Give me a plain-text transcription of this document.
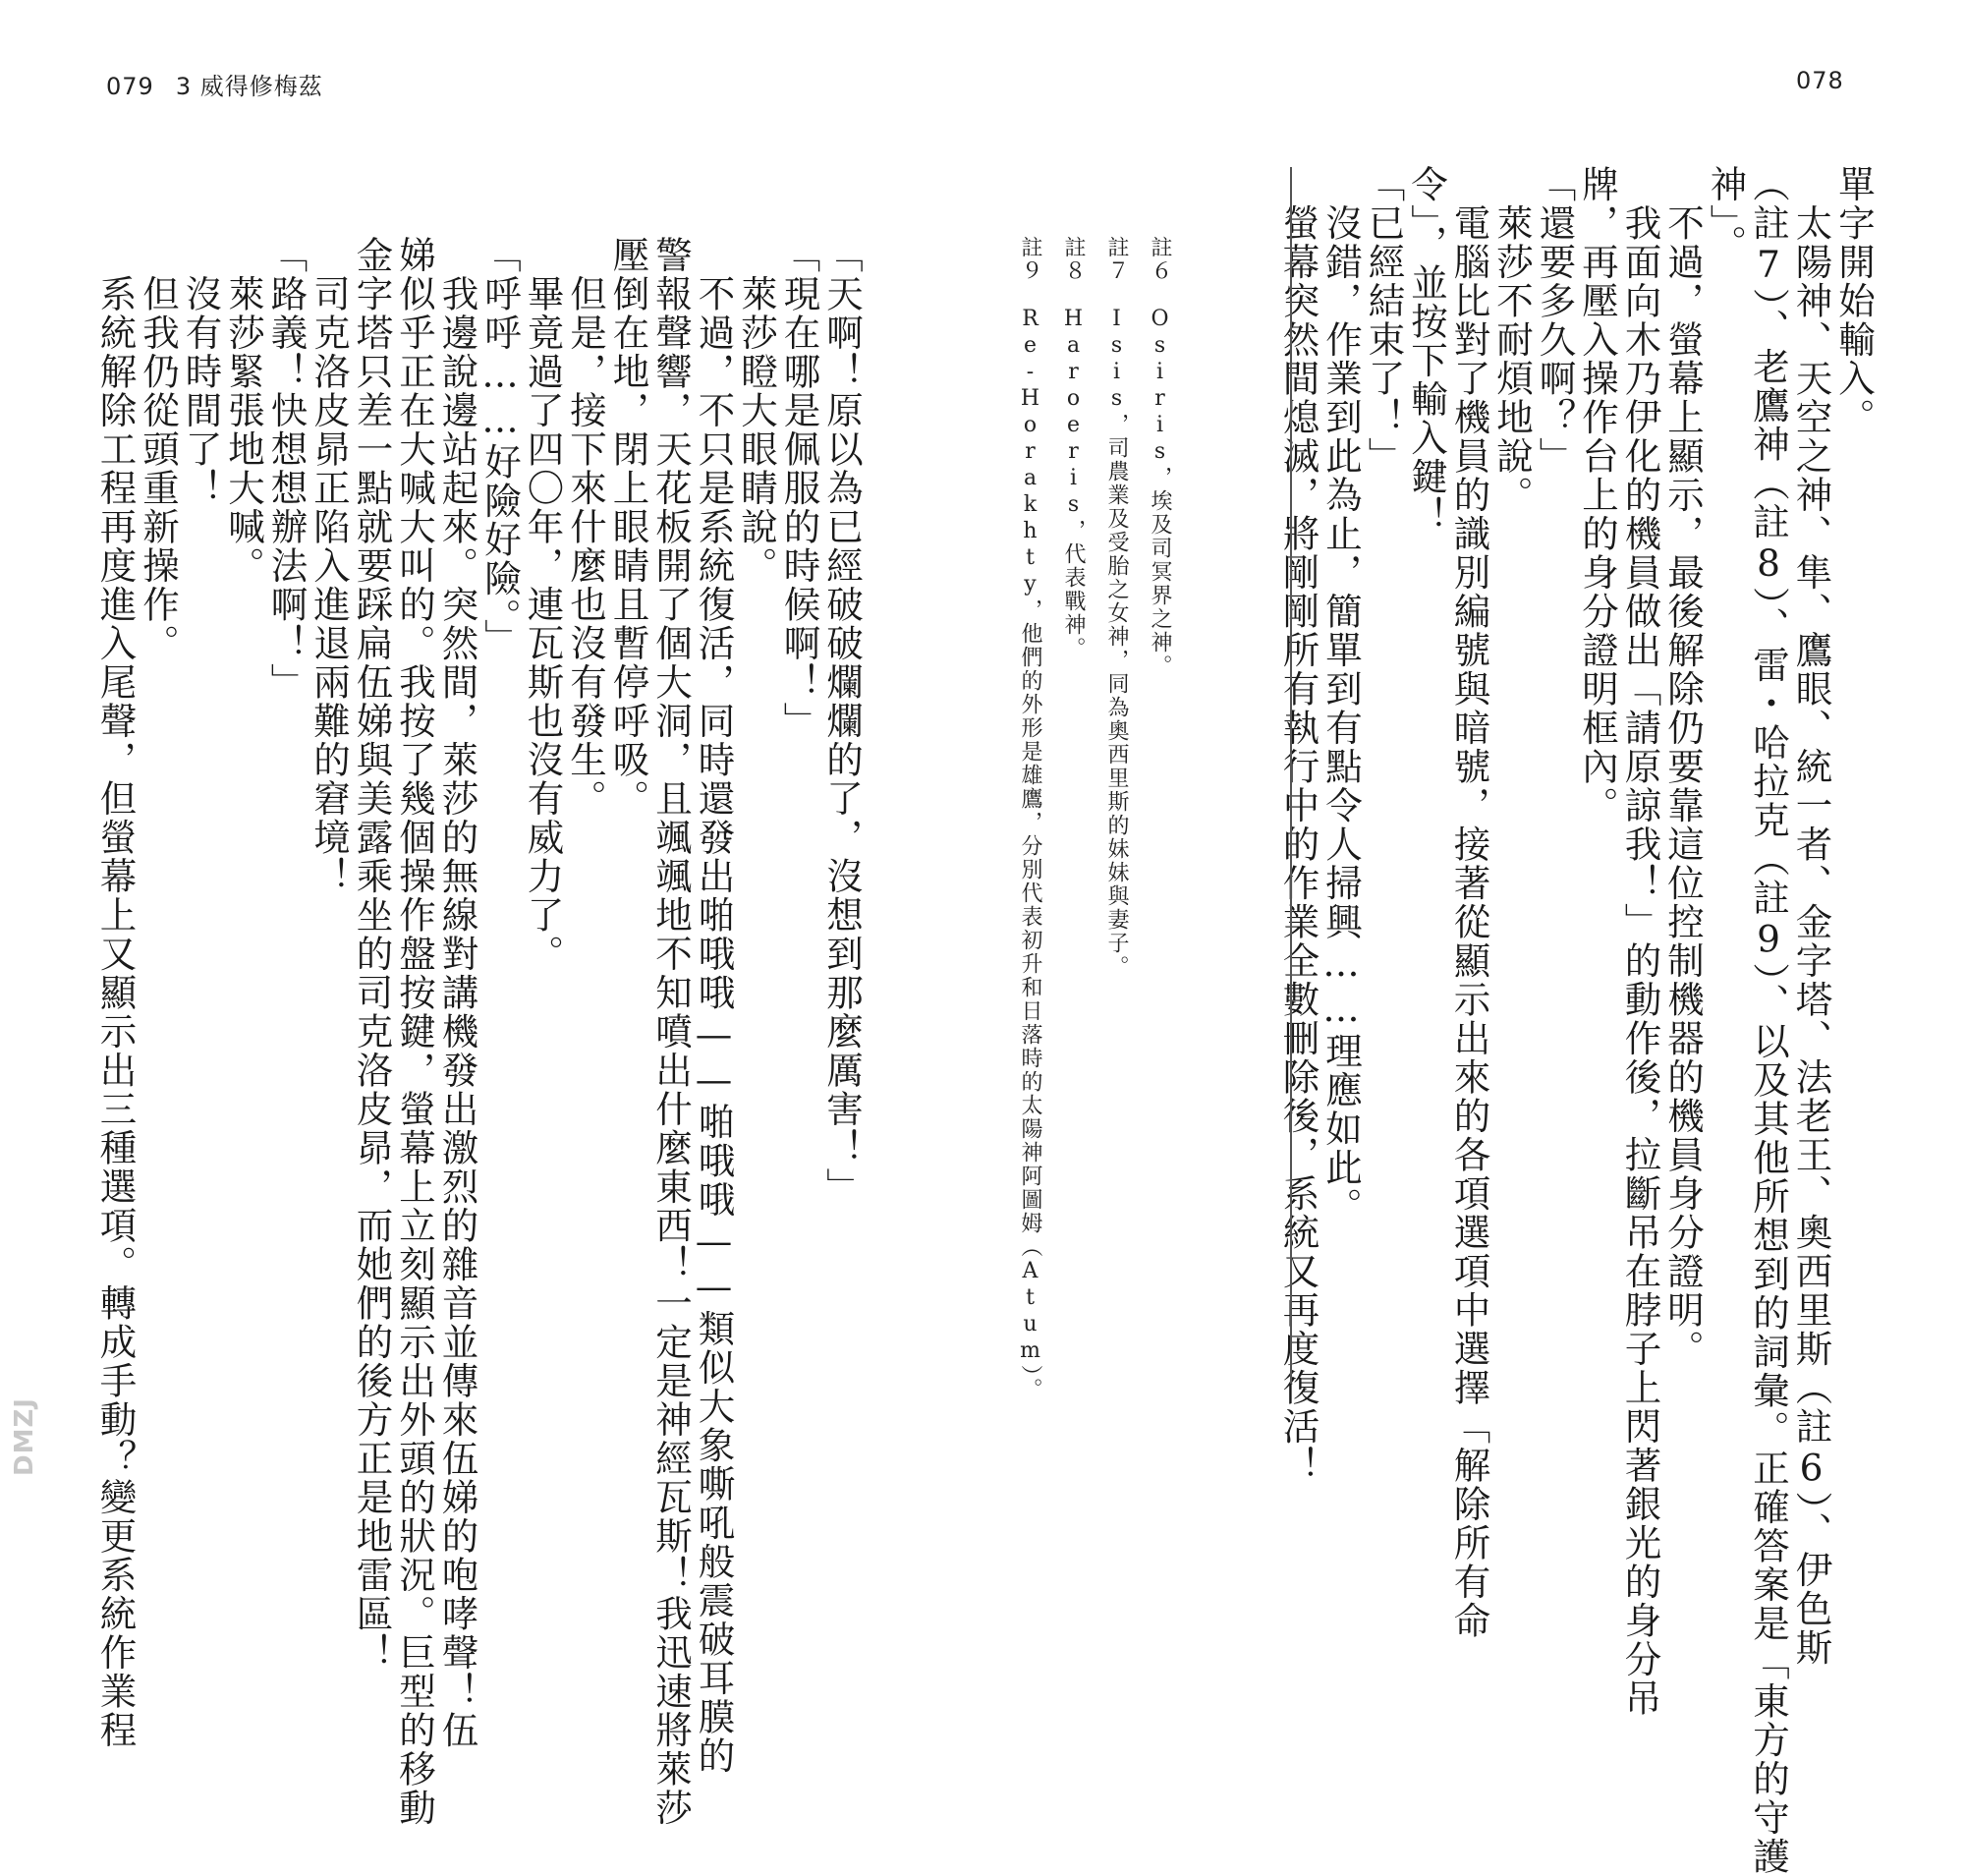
079 3 威得修梅茲	078
單字開始輸入。
　太陽神、天空之神、隼、鷹眼、統一者、金字塔、法老王、奧西里斯（註6）、伊色斯
（註7）、老鷹神（註8）、雷・哈拉克（註9）、以及其他所想到的詞彙。正確答案是「東方的守護
神」。
　不過，螢幕上顯示，最後解除仍要靠這位控制機器的機員身分證明。
　我面向木乃伊化的機員做出「請原諒我！」的動作後，拉斷吊在脖子上閃著銀光的身分吊
牌，再壓入操作台上的身分證明框內。
「還要多久啊？」
　萊莎不耐煩地說。
　電腦比對了機員的識別編號與暗號，接著從顯示出來的各項選項中選擇「解除所有命
令」，並按下輸入鍵！
「已經結束了！」
　沒錯，作業到此為止，簡單到有點令人掃興……理應如此。
　螢幕突然間熄滅，將剛剛所有執行中的作業全數刪除後，系統又再度復活！
註６　Osiris，埃及司冥界之神。
註７　Isis，司農業及受胎之女神，同為奧西里斯的妹妹與妻子。
註８　Haroeris，代表戰神。
註９　Re-Horakhty，他們的外形是雄鷹，分別代表初升和日落時的太陽神阿圖姆（Atum）。
「天啊！原以為已經破破爛爛的了，沒想到那麼厲害！」
「現在哪是佩服的時候啊！」
　萊莎瞪大眼睛說。
　不過，不只是系統復活，同時還發出啪哦哦——啪哦哦——類似大象嘶吼般震破耳膜的
警報聲響，天花板開了個大洞，且颯颯地不知噴出什麼東西！一定是神經瓦斯！我迅速將萊莎
壓倒在地，閉上眼睛且暫停呼吸。
　但是，接下來什麼也沒有發生。
　畢竟過了四〇年，連瓦斯也沒有威力了。
「呼呼……好險好險。」
　我邊說邊站起來。突然間，萊莎的無線對講機發出激烈的雜音並傳來伍娣的咆哮聲！伍
娣似乎正在大喊大叫的。我按了幾個操作盤按鍵，螢幕上立刻顯示出外頭的狀況。巨型的移動
金字塔只差一點就要踩扁伍娣與美露乘坐的司克洛皮昴，而她們的後方正是地雷區！
　司克洛皮昴正陷入進退兩難的窘境！
「路義！快想想辦法啊！」
　萊莎緊張地大喊。
　沒有時間了！
　但我仍從頭重新操作。
　系統解除工程再度進入尾聲，但螢幕上又顯示出三種選項。轉成手動？變更系統作業程
DMZJ
